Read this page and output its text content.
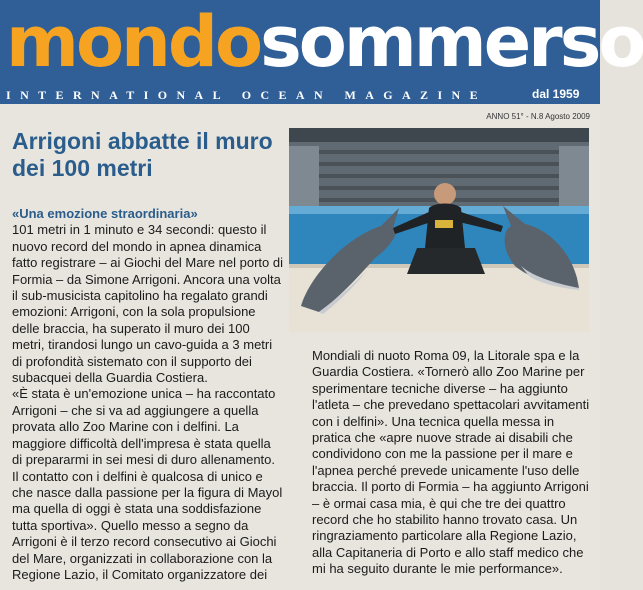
mondosommerso
INTERNATIONAL OCEAN MAGAZINE	dal 1959
ANNO 51° - N.8 Agosto 2009
Arrigoni abbatte il muro dei 100 metri

«Una emozione straordinaria»

101 metri in 1 minuto e 34 secondi: questo il nuovo record del mondo in apnea dinamica fatto registrare – ai Giochi del Mare nel porto di Formia – da Simone Arrigoni. Ancora una volta il sub-musicista capitolino ha regalato grandi emozioni: Arrigoni, con la sola propulsione delle braccia, ha superato il muro dei 100 metri, tirandosi lungo un cavo-guida a 3 metri di profondità sistemato con il supporto dei subacquei della Guardia Costiera.

«È stata è un'emozione unica – ha raccontato Arrigoni – che si va ad aggiungere a quella provata allo Zoo Marine con i delfini. La maggiore difficoltà dell'impresa è stata quella di prepararmi in sei mesi di duro allenamento. Il contatto con i delfini è qualcosa di unico e che nasce dalla passione per la figura di Mayol ma quella di oggi è stata una soddisfazione tutta sportiva». Quello messo a segno da Arrigoni è il terzo record consecutivo ai Giochi del Mare, organizzati in collaborazione con la Regione Lazio, il Comitato organizzatore dei

Mondiali di nuoto Roma 09, la Litorale spa e la Guardia Costiera. «Tornerò allo Zoo Marine per sperimentare tecniche diverse – ha aggiunto l'atleta – che prevedano spettacolari avvitamenti con i delfini». Una tecnica quella messa in pratica che «apre nuove strade ai disabili che condividono con me la passione per il mare e l'apnea perché prevede unicamente l'uso delle braccia. Il porto di Formia – ha aggiunto Arrigoni – è ormai casa mia, è qui che tre dei quattro record che ho stabilito hanno trovato casa. Un ringraziamento particolare alla Regione Lazio, alla Capitaneria di Porto e allo staff medico che mi ha seguito durante le mie performance».
